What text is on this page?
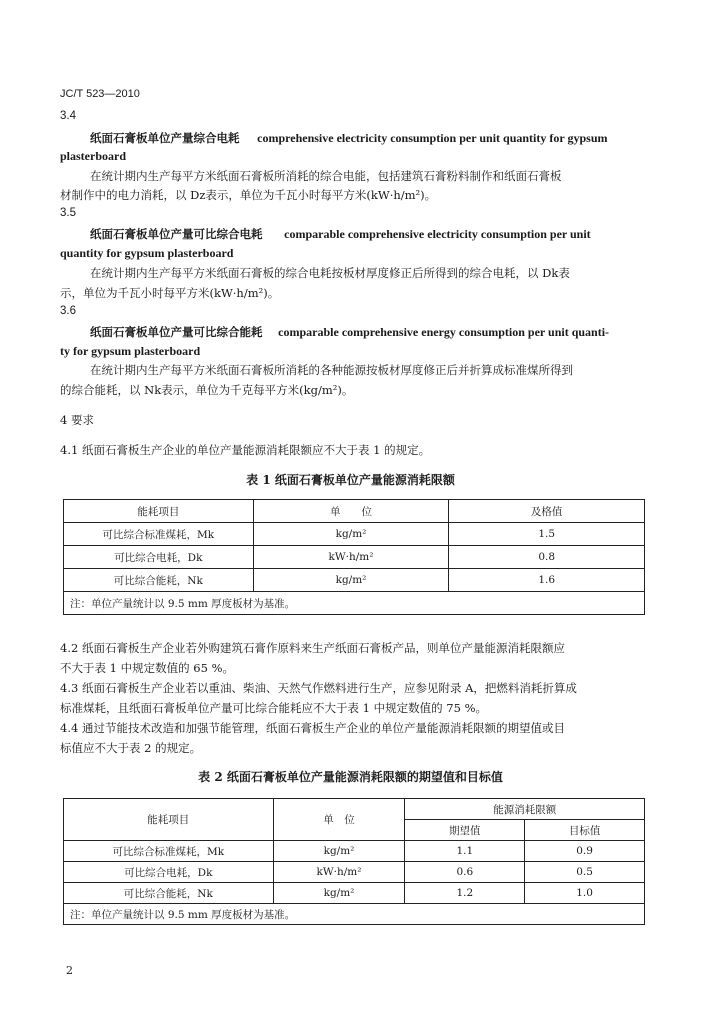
JC/T 523—2010
3.4
纸面石膏板单位产量综合电耗 comprehensive electricity consumption per unit quantity for gypsum
plasterboard
在统计期内生产每平方米纸面石膏板所消耗的综合电能，包括建筑石膏粉料制作和纸面石膏板
材制作中的电力消耗，以 Dz表示，单位为千瓦小时每平方米(kW·h/m²)。
3.5
纸面石膏板单位产量可比综合电耗 comparable comprehensive electricity consumption per unit
quantity for gypsum plasterboard
在统计期内生产每平方米纸面石膏板的综合电耗按板材厚度修正后所得到的综合电耗，以 Dk表
示，单位为千瓦小时每平方米(kW·h/m²)。
3.6
纸面石膏板单位产量可比综合能耗 comparable comprehensive energy consumption per unit quanti-
ty for gypsum plasterboard
在统计期内生产每平方米纸面石膏板所消耗的各种能源按板材厚度修正后并折算成标准煤所得到
的综合能耗，以 Nk表示，单位为千克每平方米(kg/m²)。
4 要求
4.1 纸面石膏板生产企业的单位产量能源消耗限额应不大于表 1 的规定。
表 1 纸面石膏板单位产量能源消耗限额
能耗项目	单　　位	及格值
可比综合标准煤耗，Mk	kg/m²	1.5
可比综合电耗，Dk	kW·h/m²	0.8
可比综合能耗，Nk	kg/m²	1.6
注：单位产量统计以 9.5 mm 厚度板材为基准。		
4.2 纸面石膏板生产企业若外购建筑石膏作原料来生产纸面石膏板产品，则单位产量能源消耗限额应
不大于表 1 中规定数值的 65 %。
4.3 纸面石膏板生产企业若以重油、柴油、天然气作燃料进行生产，应参见附录 A，把燃料消耗折算成
标准煤耗，且纸面石膏板单位产量可比综合能耗应不大于表 1 中规定数值的 75 %。
4.4 通过节能技术改造和加强节能管理，纸面石膏板生产企业的单位产量能源消耗限额的期望值或目
标值应不大于表 2 的规定。
表 2 纸面石膏板单位产量能源消耗限额的期望值和目标值
能耗项目	单　位	能源消耗限额	
		期望值	目标值
可比综合标准煤耗，Mk	kg/m²	1.1	0.9
可比综合电耗，Dk	kW·h/m²	0.6	0.5
可比综合能耗，Nk	kg/m²	1.2	1.0
注：单位产量统计以 9.5 mm 厚度板材为基准。			
2
